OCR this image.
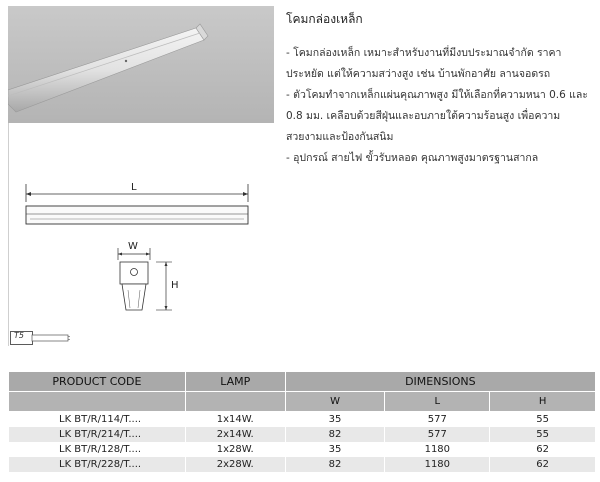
L
W
H
T5
โคมกล่องเหล็ก
- โคมกล่องเหล็ก เหมาะสำหรับงานที่มีงบประมาณจำกัด ราคาประหยัด แต่ให้ความสว่างสูง เช่น บ้านพักอาศัย ลานจอดรถ
- ตัวโคมทำจากเหล็กแผ่นคุณภาพสูง มีให้เลือกที่ความหนา 0.6 และ 0.8 มม. เคลือบด้วยสีฝุ่นและอบภายใต้ความร้อนสูง เพื่อความสวยงามและป้องกันสนิม
- อุปกรณ์ สายไฟ ขั้วรับหลอด คุณภาพสูงมาตรฐานสากล
PRODUCT CODE	LAMP	DIMENSIONS		
		W	L	H
LK BT/R/114/T....	1x14W.	35	577	55
LK BT/R/214/T....	2x14W.	82	577	55
LK BT/R/128/T....	1x28W.	35	1180	62
LK BT/R/228/T....	2x28W.	82	1180	62
